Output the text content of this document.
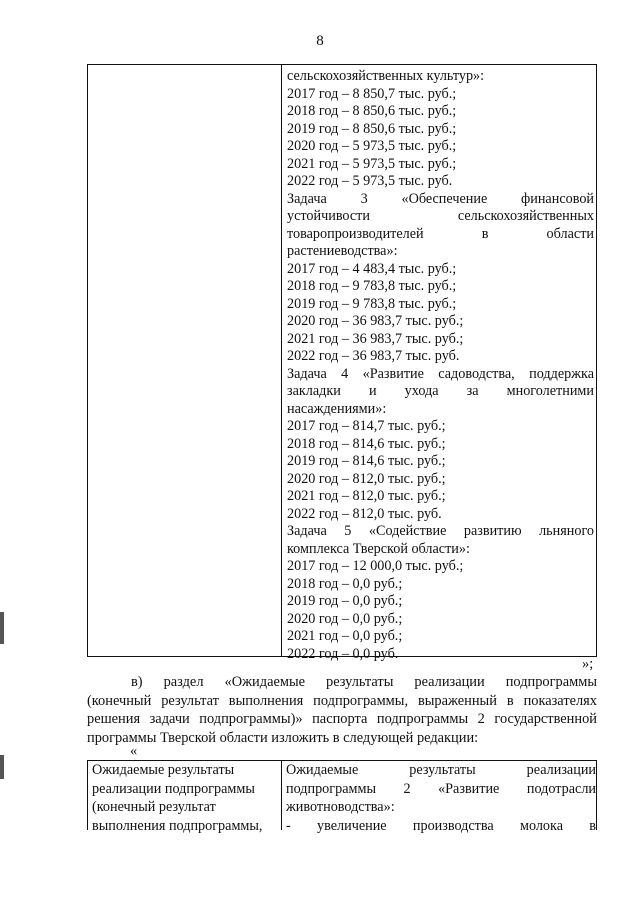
8
сельскохозяйственных культур»:
2017 год – 8 850,7 тыс. руб.;
2018 год – 8 850,6 тыс. руб.;
2019 год – 8 850,6 тыс. руб.;
2020 год – 5 973,5 тыс. руб.;
2021 год – 5 973,5 тыс. руб.;
2022 год – 5 973,5 тыс. руб.
Задача 3 «Обеспечение финансовой
устойчивости сельскохозяйственных
товаропроизводителей в области
растениеводства»:
2017 год – 4 483,4 тыс. руб.;
2018 год – 9 783,8 тыс. руб.;
2019 год – 9 783,8 тыс. руб.;
2020 год – 36 983,7 тыс. руб.;
2021 год – 36 983,7 тыс. руб.;
2022 год – 36 983,7 тыс. руб.
Задача 4 «Развитие садоводства, поддержка
закладки и ухода за многолетними
насаждениями»:
2017 год – 814,7 тыс. руб.;
2018 год – 814,6 тыс. руб.;
2019 год – 814,6 тыс. руб.;
2020 год – 812,0 тыс. руб.;
2021 год – 812,0 тыс. руб.;
2022 год – 812,0 тыс. руб.
Задача 5 «Содействие развитию льняного
комплекса Тверской области»:
2017 год – 12 000,0 тыс. руб.;
2018 год – 0,0 руб.;
2019 год – 0,0 руб.;
2020 год – 0,0 руб.;
2021 год – 0,0 руб.;
2022 год – 0,0 руб.
»;
в) раздел «Ожидаемые результаты реализации подпрограммы
(конечный результат выполнения подпрограммы, выраженный в показателях
решения задачи подпрограммы)» паспорта подпрограммы 2 государственной
программы Тверской области изложить в следующей редакции:
«
Ожидаемые результаты
реализации подпрограммы
(конечный результат
выполнения подпрограммы,
Ожидаемые результаты реализации
подпрограммы 2 «Развитие подотрасли
животноводства»:
- увеличение производства молока в
